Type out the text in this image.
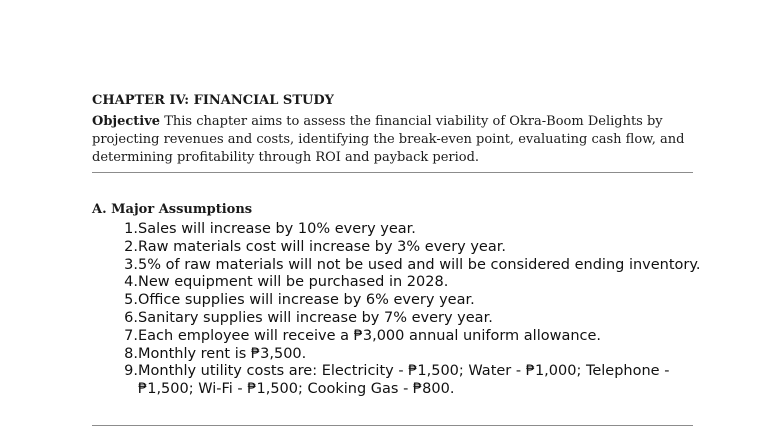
CHAPTER IV: FINANCIAL STUDY
Objective This chapter aims to assess the financial viability of Okra-Boom Delights by projecting revenues and costs, identifying the break-even point, evaluating cash flow, and determining profitability through ROI and payback period.
A. Major Assumptions
1. Sales will increase by 10% every year.
2. Raw materials cost will increase by 3% every year.
3. 5% of raw materials will not be used and will be considered ending inventory.
4. New equipment will be purchased in 2028.
5. Office supplies will increase by 6% every year.
6. Sanitary supplies will increase by 7% every year.
7. Each employee will receive a ₱3,000 annual uniform allowance.
8. Monthly rent is ₱3,500.
9. Monthly utility costs are: Electricity - ₱1,500; Water - ₱1,000; Telephone - ₱1,500; Wi-Fi - ₱1,500; Cooking Gas - ₱800.
